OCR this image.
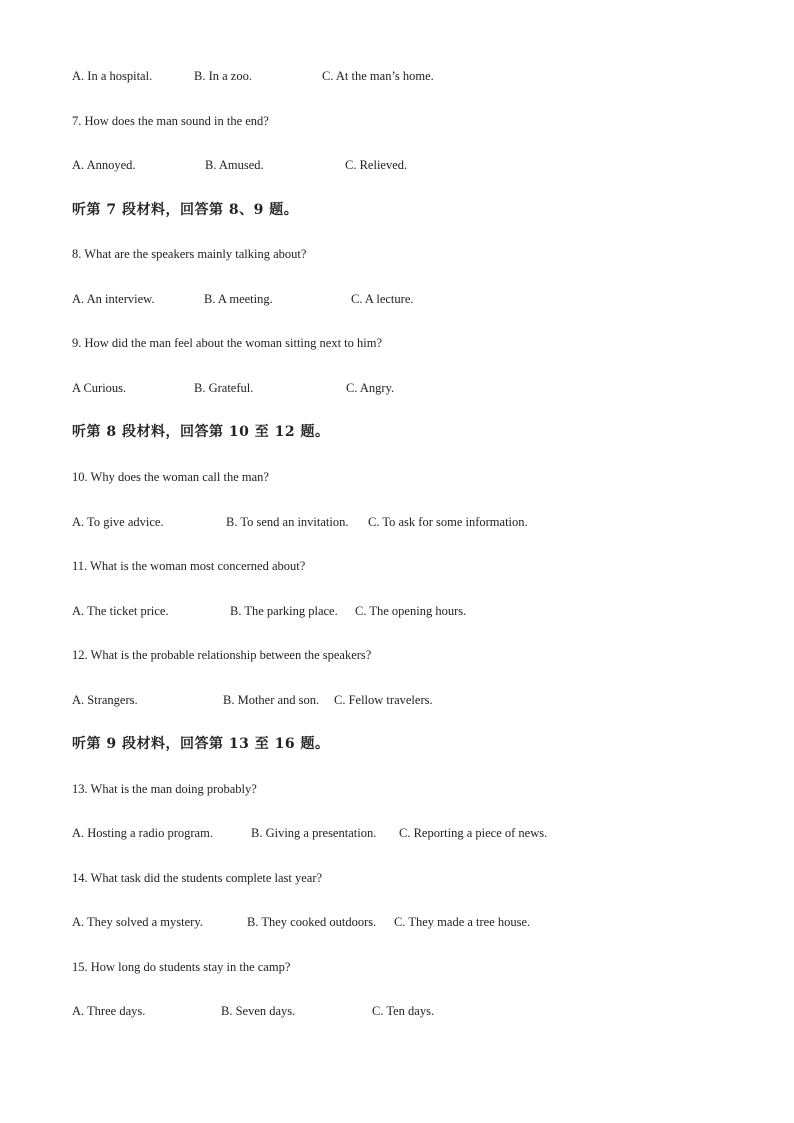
A. In a hospital.	B. In a zoo.	C. At the man’s home.
7. How does the man sound in the end?
A. Annoyed.	B. Amused.	C. Relieved.
听第 7 段材料，回答第 8、9 题。
8. What are the speakers mainly talking about?
A. An interview.	B. A meeting.	C. A lecture.
9. How did the man feel about the woman sitting next to him?
A Curious.	B. Grateful.	C. Angry.
听第 8 段材料，回答第 10 至 12 题。
10. Why does the woman call the man?
A. To give advice.	B. To send an invitation. C. To ask for some information.
11. What is the woman most concerned about?
A. The ticket price.	B. The parking place. C. The opening hours.
12. What is the probable relationship between the speakers?
A. Strangers.	B. Mother and son. C. Fellow travelers.
听第 9 段材料，回答第 13 至 16 题。
13. What is the man doing probably?
A. Hosting a radio program.	B. Giving a presentation. C. Reporting a piece of news.
14. What task did the students complete last year?
A. They solved a mystery.	B. They cooked outdoors. C. They made a tree house.
15. How long do students stay in the camp?
A. Three days.	B. Seven days.	C. Ten days.
